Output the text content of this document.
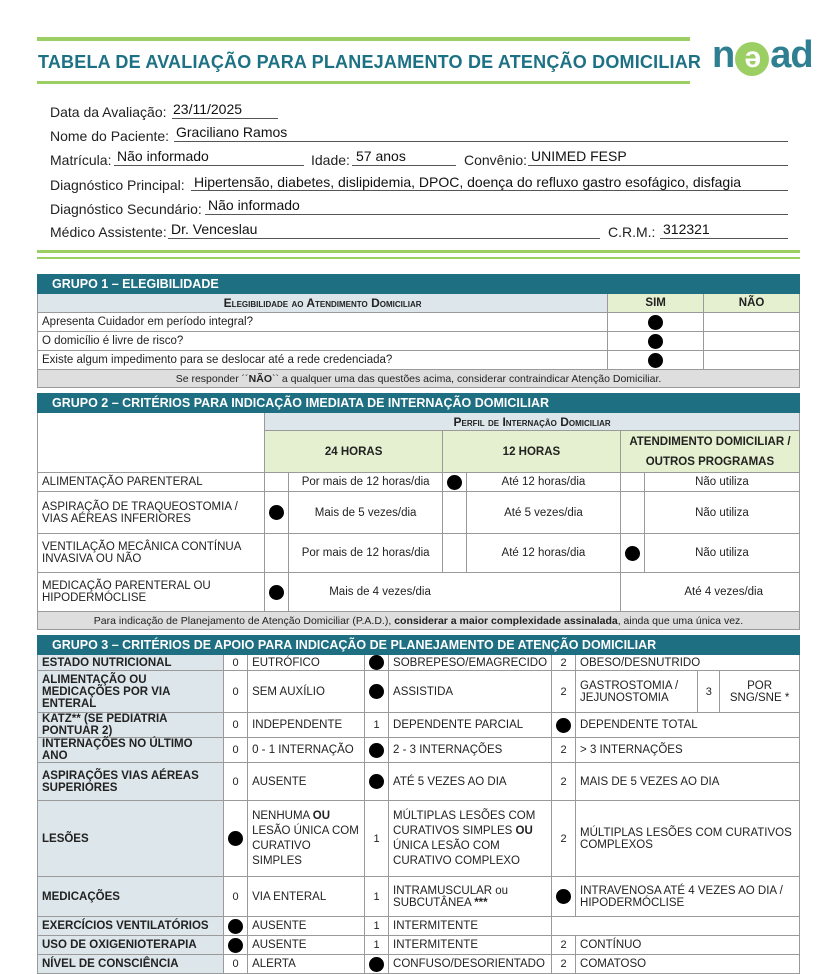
TABELA DE AVALIAÇÃO PARA PLANEJAMENTO DE ATENÇÃO DOMICILIAR n ə ad
Data da Avaliação: 23/11/2025
Nome do Paciente: Graciliano Ramos
Matrícula: Não informado	Idade: 57 anos	Convênio: UNIMED FESP
Diagnóstico Principal: Hipertensão, diabetes, dislipidemia, DPOC, doença do refluxo gastro esofágico, disfagia
Diagnóstico Secundário: Não informado
Médico Assistente: Dr. Venceslau	C.R.M.: 312321
GRUPO 1 – ELEGIBILIDADE		
Elegibilidade ao Atendimento Domiciliar	SIM	NÃO
Apresenta Cuidador em período integral?		
O domicílio é livre de risco?		
Existe algum impedimento para se deslocar até a rede credenciada?		
Se responder ´´NÃO`` a qualquer uma das questões acima, considerar contraindicar Atenção Domiciliar.		
GRUPO 2 – CRITÉRIOS PARA INDICAÇÃO IMEDIATA DE INTERNAÇÃO DOMICILIAR						
	Perfil de Internação Domiciliar					
	24 HORAS		12 HORAS		ATENDIMENTO DOMICILIAR / OUTROS PROGRAMAS	
ALIMENTAÇÃO PARENTERAL		Por mais de 12 horas/dia		Até 12 horas/dia		Não utiliza
ASPIRAÇÃO DE TRAQUEOSTOMIA / VIAS AÉREAS INFERIORES		Mais de 5 vezes/dia		Até 5 vezes/dia		Não utiliza
VENTILAÇÃO MECÂNICA CONTÍNUA INVASIVA OU NÃO		Por mais de 12 horas/dia		Até 12 horas/dia		Não utiliza
MEDICAÇÃO PARENTERAL OU HIPODERMÓCLISE		Mais de 4 vezes/dia			Até 4 vezes/dia	
Para indicação de Planejamento de Atenção Domiciliar (P.A.D.), considerar a maior complexidade assinalada, ainda que uma única vez.						
GRUPO 3 – CRITÉRIOS DE APOIO PARA INDICAÇÃO DE PLANEJAMENTO DE ATENÇÃO DOMICILIAR								
ESTADO NUTRICIONAL	0	EUTRÓFICO		SOBREPESO/EMAGRECIDO	2	OBESO/DESNUTRIDO		
ALIMENTAÇÃO OU MEDICAÇÕES POR VIA ENTERAL	0	SEM AUXÍLIO		ASSISTIDA	2	GASTROSTOMIA / JEJUNOSTOMIA	3	POR SNG/SNE *
KATZ** (SE PEDIATRIA PONTUAR 2)	0	INDEPENDENTE	1	DEPENDENTE PARCIAL		DEPENDENTE TOTAL		
INTERNAÇÕES NO ÚLTIMO ANO	0	0 - 1 INTERNAÇÃO		2 - 3 INTERNAÇÕES	2	> 3 INTERNAÇÕES		
ASPIRAÇÕES VIAS AÉREAS SUPERIORES	0	AUSENTE		ATÉ 5 VEZES AO DIA	2	MAIS DE 5 VEZES AO DIA		
LESÕES		NENHUMA OU LESÃO ÚNICA COM CURATIVO SIMPLES	1	MÚLTIPLAS LESÕES COM CURATIVOS SIMPLES OU ÚNICA LESÃO COM CURATIVO COMPLEXO	2	MÚLTIPLAS LESÕES COM CURATIVOS COMPLEXOS		
MEDICAÇÕES	0	VIA ENTERAL	1	INTRAMUSCULAR ou SUBCUTÂNEA ***		INTRAVENOSA ATÉ 4 VEZES AO DIA / HIPODERMÓCLISE		
EXERCÍCIOS VENTILATÓRIOS		AUSENTE	1	INTERMITENTE				
USO DE OXIGENIOTERAPIA		AUSENTE	1	INTERMITENTE	2	CONTÍNUO		
NÍVEL DE CONSCIÊNCIA	0	ALERTA		CONFUSO/DESORIENTADO	2	COMATOSO		
